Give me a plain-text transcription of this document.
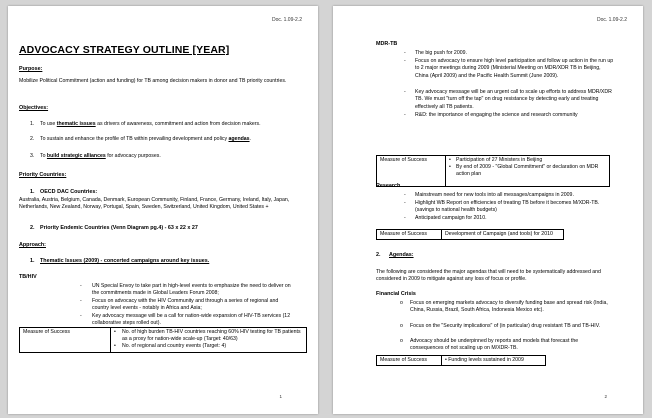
Doc. 1.09-2.2
ADVOCACY STRATEGY OUTLINE [YEAR]
Purpose:
Mobilize Political Commitment (action and funding) for TB among decision makers in donor and TB priority countries.
Objectives:
1. To use thematic issues as drivers of awareness, commitment and action from decision makers.
2. To sustain and enhance the profile of TB within prevailing development and policy agendas.
3. To build strategic alliances for advocacy purposes.
Priority Countries:
1. OECD DAC Countries:
Australia, Austria, Belgium, Canada, Denmark, European Community, Finland, France, Germany, Ireland, Italy, Japan, Netherlands, New Zealand, Norway, Portugal, Spain, Sweden, Switzerland, United Kingdom, United States +
2. Priority Endemic Countries (Venn Diagram pg.4) - 63 x 22 x 27
Approach:
1. Thematic Issues (2009) - concerted campaigns around key issues.
TB/HIV
- UN Special Envoy to take part in high-level events to emphasize the need to deliver on the commitments made in Global Leaders Forum 2008;
- Focus on advocacy with the HIV Community and through a series of regional and country level events - notably in Africa and Asia;
- Key advocacy message will be a call for nation-wide expansion of HIV-TB services (12 collaborative steps rolled out).
Measure of Success	•	No. of high burden TB-HIV countries reaching 60% HIV testing for TB patients as a proxy for nation-wide scale-up (Target: 40/63)
•	No. of regional and country events (Target: 4)
1
Doc. 1.09-2.2
MDR-TB
- The big push for 2009.
- Focus on advocacy to ensure high level participation and follow up action in the run up to 2 major meetings during 2009 (Ministerial Meeting on MDR/XDR TB in Beijing, China (April 2009) and the Pacific Health Summit (June 2009).
- Key advocacy message will be an urgent call to scale up efforts to address MDR/XDR TB. We must "turn off the tap" on drug resistance by detecting early and treating effectively all TB patients.
- R&D: the importance of engaging the science and research community
Measure of Success	• Participation of 27 Ministers in Beijing
• By end of 2009 - "Global Commitment" or declaration on MDR action plan
Research
- Mainstream need for new tools into all messages/campaigns in 2009.
- Highlight WB Report on efficiencies of treating TB before it becomes M/XDR-TB. (savings to national health budgets)
- Anticipated campaign for 2010.
Measure of Success	Development of Campaign (and tools) for 2010
2. Agendas:
The following are considered the major agendas that will need to be systematically addressed and considered in 2009 to mitigate against any loss of focus or profile.
Financial Crisis
o Focus on emerging markets advocacy to diversify funding base and spread risk (India, China, Russia, Brazil, South Africa, Indonesia Mexico etc).
o Focus on the "Security implications" of (in particular) drug resistant TB and TB-HIV.
o Advocacy should be underpinned by reports and models that forecast the consequences of not scaling up on M/XDR-TB.
Measure of Success	• Funding levels sustained in 2009
2
